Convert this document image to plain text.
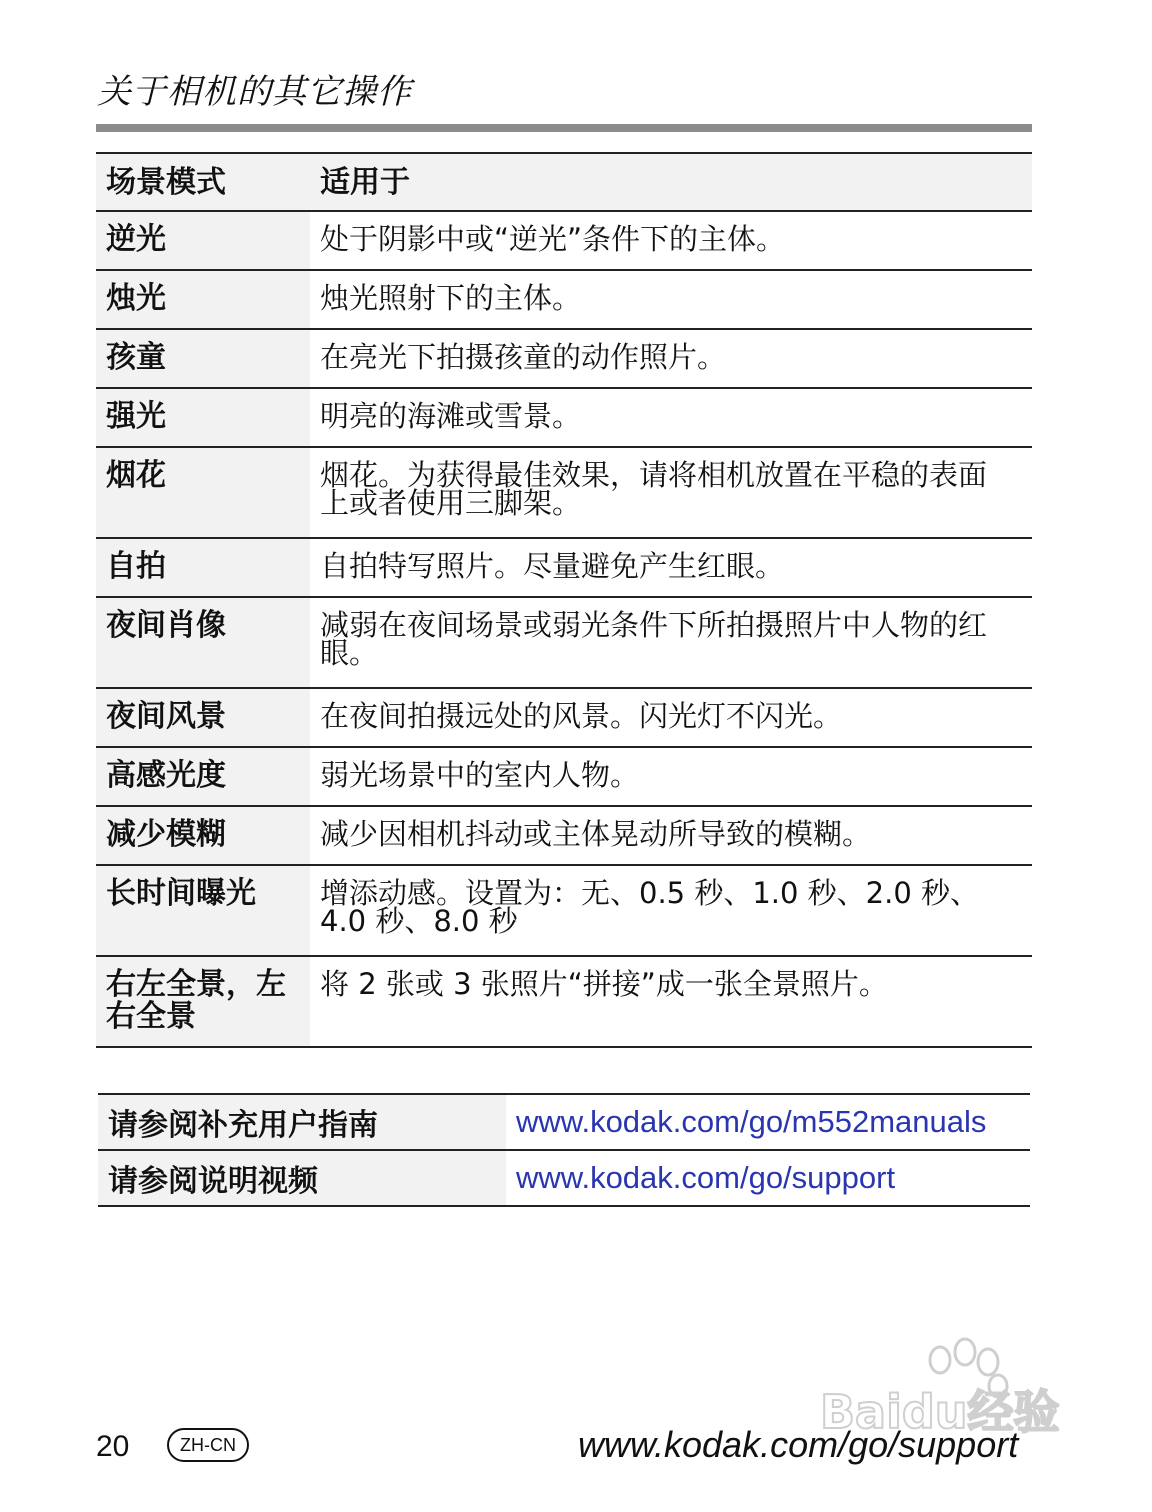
关于相机的其它操作
场景模式	适用于
逆光	处于阴影中或“逆光”条件下的主体。
烛光	烛光照射下的主体。
孩童	在亮光下拍摄孩童的动作照片。
强光	明亮的海滩或雪景。
烟花	烟花。为获得最佳效果，请将相机放置在平稳的表面上或者使用三脚架。
自拍	自拍特写照片。尽量避免产生红眼。
夜间肖像	减弱在夜间场景或弱光条件下所拍摄照片中人物的红眼。
夜间风景	在夜间拍摄远处的风景。闪光灯不闪光。
高感光度	弱光场景中的室内人物。
减少模糊	减少因相机抖动或主体晃动所导致的模糊。
长时间曝光	增添动感。设置为：无、0.5 秒、1.0 秒、2.0 秒、4.0 秒、8.0 秒
右左全景，左右全景	将 2 张或 3 张照片“拼接”成一张全景照片。
请参阅补充用户指南	www.kodak.com/go/m552manuals
请参阅说明视频	www.kodak.com/go/support
Baidu经验
20	ZH-CN	www.kodak.com/go/support
